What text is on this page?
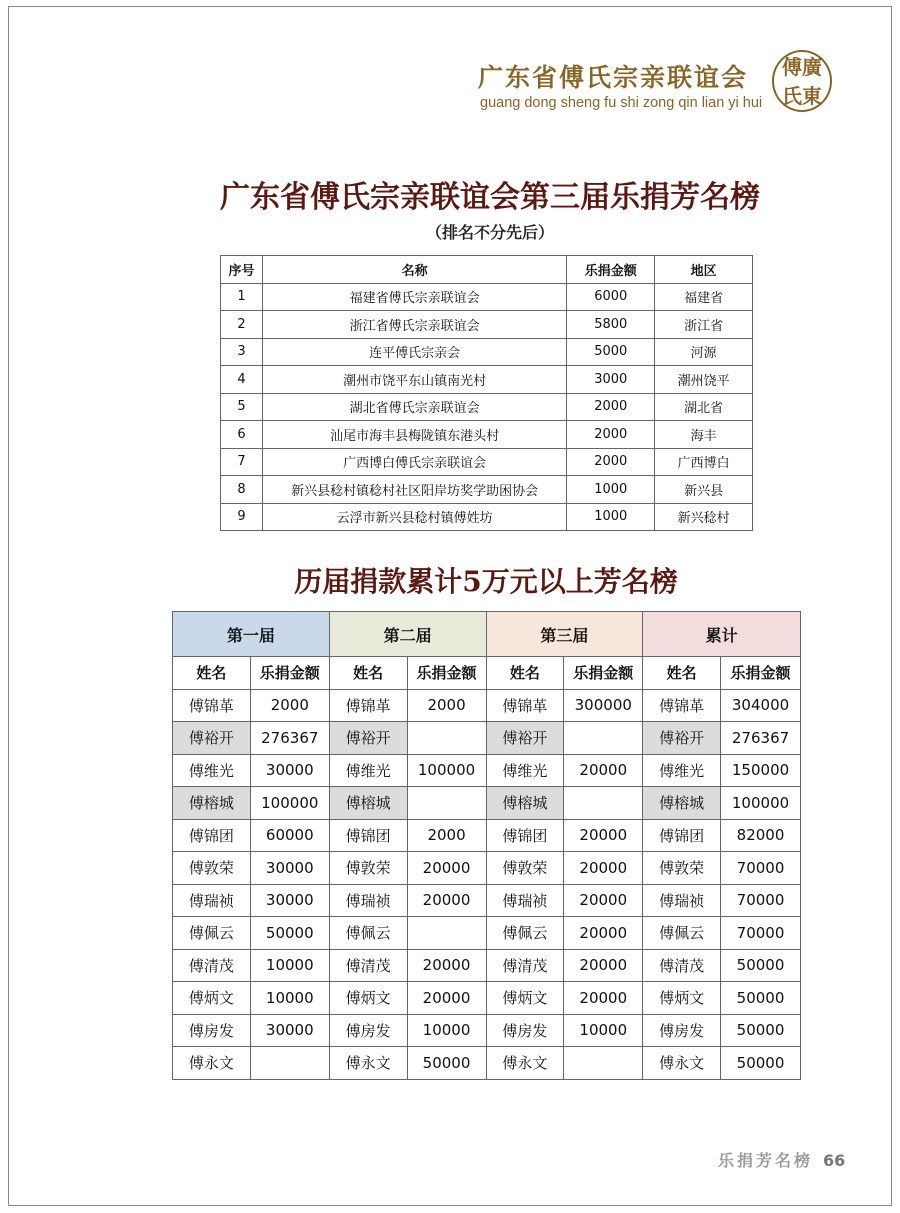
广东省傅氏宗亲联谊会
guang dong sheng fu shi zong qin lian yi hui
傅 廣
氏 東
广东省傅氏宗亲联谊会第三届乐捐芳名榜
（排名不分先后）
序号	名称	乐捐金额	地区
1	福建省傅氏宗亲联谊会	6000	福建省
2	浙江省傅氏宗亲联谊会	5800	浙江省
3	连平傅氏宗亲会	5000	河源
4	潮州市饶平东山镇南光村	3000	潮州饶平
5	湖北省傅氏宗亲联谊会	2000	湖北省
6	汕尾市海丰县梅陇镇东港头村	2000	海丰
7	广西博白傅氏宗亲联谊会	2000	广西博白
8	新兴县稔村镇稔村社区阳岸坊奖学助困协会	1000	新兴县
9	云浮市新兴县稔村镇傅姓坊	1000	新兴稔村
历届捐款累计5万元以上芳名榜
第一届		第二届		第三届		累计	
姓名	乐捐金额	姓名	乐捐金额	姓名	乐捐金额	姓名	乐捐金额
傅锦革	2000	傅锦革	2000	傅锦革	300000	傅锦革	304000
傅裕开	276367	傅裕开		傅裕开		傅裕开	276367
傅维光	30000	傅维光	100000	傅维光	20000	傅维光	150000
傅榕城	100000	傅榕城		傅榕城		傅榕城	100000
傅锦团	60000	傅锦团	2000	傅锦团	20000	傅锦团	82000
傅敦荣	30000	傅敦荣	20000	傅敦荣	20000	傅敦荣	70000
傅瑞祯	30000	傅瑞祯	20000	傅瑞祯	20000	傅瑞祯	70000
傅佩云	50000	傅佩云		傅佩云	20000	傅佩云	70000
傅清茂	10000	傅清茂	20000	傅清茂	20000	傅清茂	50000
傅炳文	10000	傅炳文	20000	傅炳文	20000	傅炳文	50000
傅房发	30000	傅房发	10000	傅房发	10000	傅房发	50000
傅永文		傅永文	50000	傅永文		傅永文	50000
乐捐芳名榜 66
